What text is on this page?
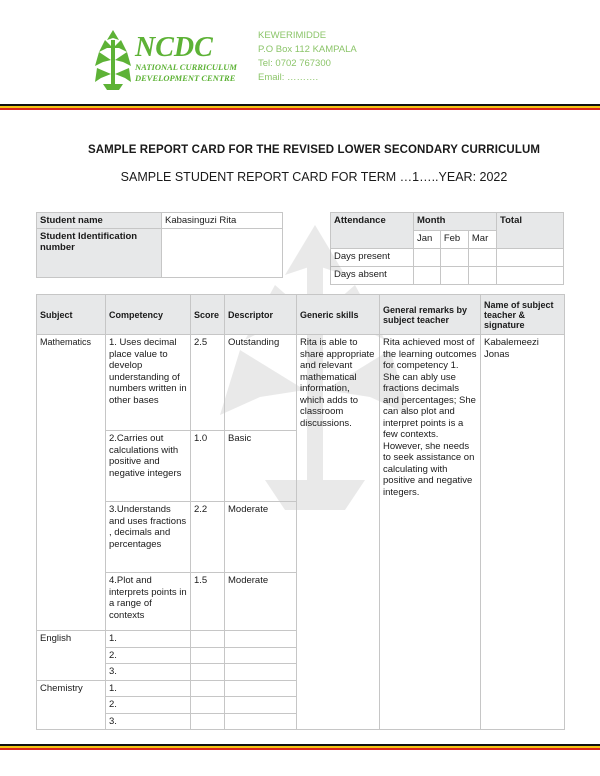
NCDC
NATIONAL CURRICULUM
DEVELOPMENT CENTRE
KEWERIMIDDE
P.O Box 112 KAMPALA
Tel: 0702 767300
Email: ……….
SAMPLE REPORT CARD FOR THE REVISED LOWER SECONDARY CURRICULUM
SAMPLE STUDENT REPORT CARD FOR TERM …1…..YEAR: 2022
Student name	Kabasinguzi Rita
Student Identification number	
Attendance	Month			Total
	Jan	Feb	Mar	
Days present				
Days absent				
Subject	Competency	Score	Descriptor	Generic skills	General remarks by subject teacher	Name of subject teacher & signature
Mathematics	1. Uses decimal place value to develop understanding of numbers written in other bases	2.5	Outstanding	Rita is able to share appropriate and relevant mathematical information, which adds to classroom discussions.	Rita achieved most of the learning outcomes for competency 1. She can ably use fractions decimals and percentages; She can also plot and interpret points is a few contexts. However, she needs to seek assistance on calculating with positive and negative integers.	Kabalemeezi Jonas
	2.Carries out calculations with positive and negative integers	1.0	Basic			
	3.Understands and uses fractions , decimals and percentages	2.2	Moderate			
	4.Plot and interprets points in a range of contexts	1.5	Moderate			
English	1.					
	2.					
	3.					
Chemistry	1.					
	2.					
	3.					
